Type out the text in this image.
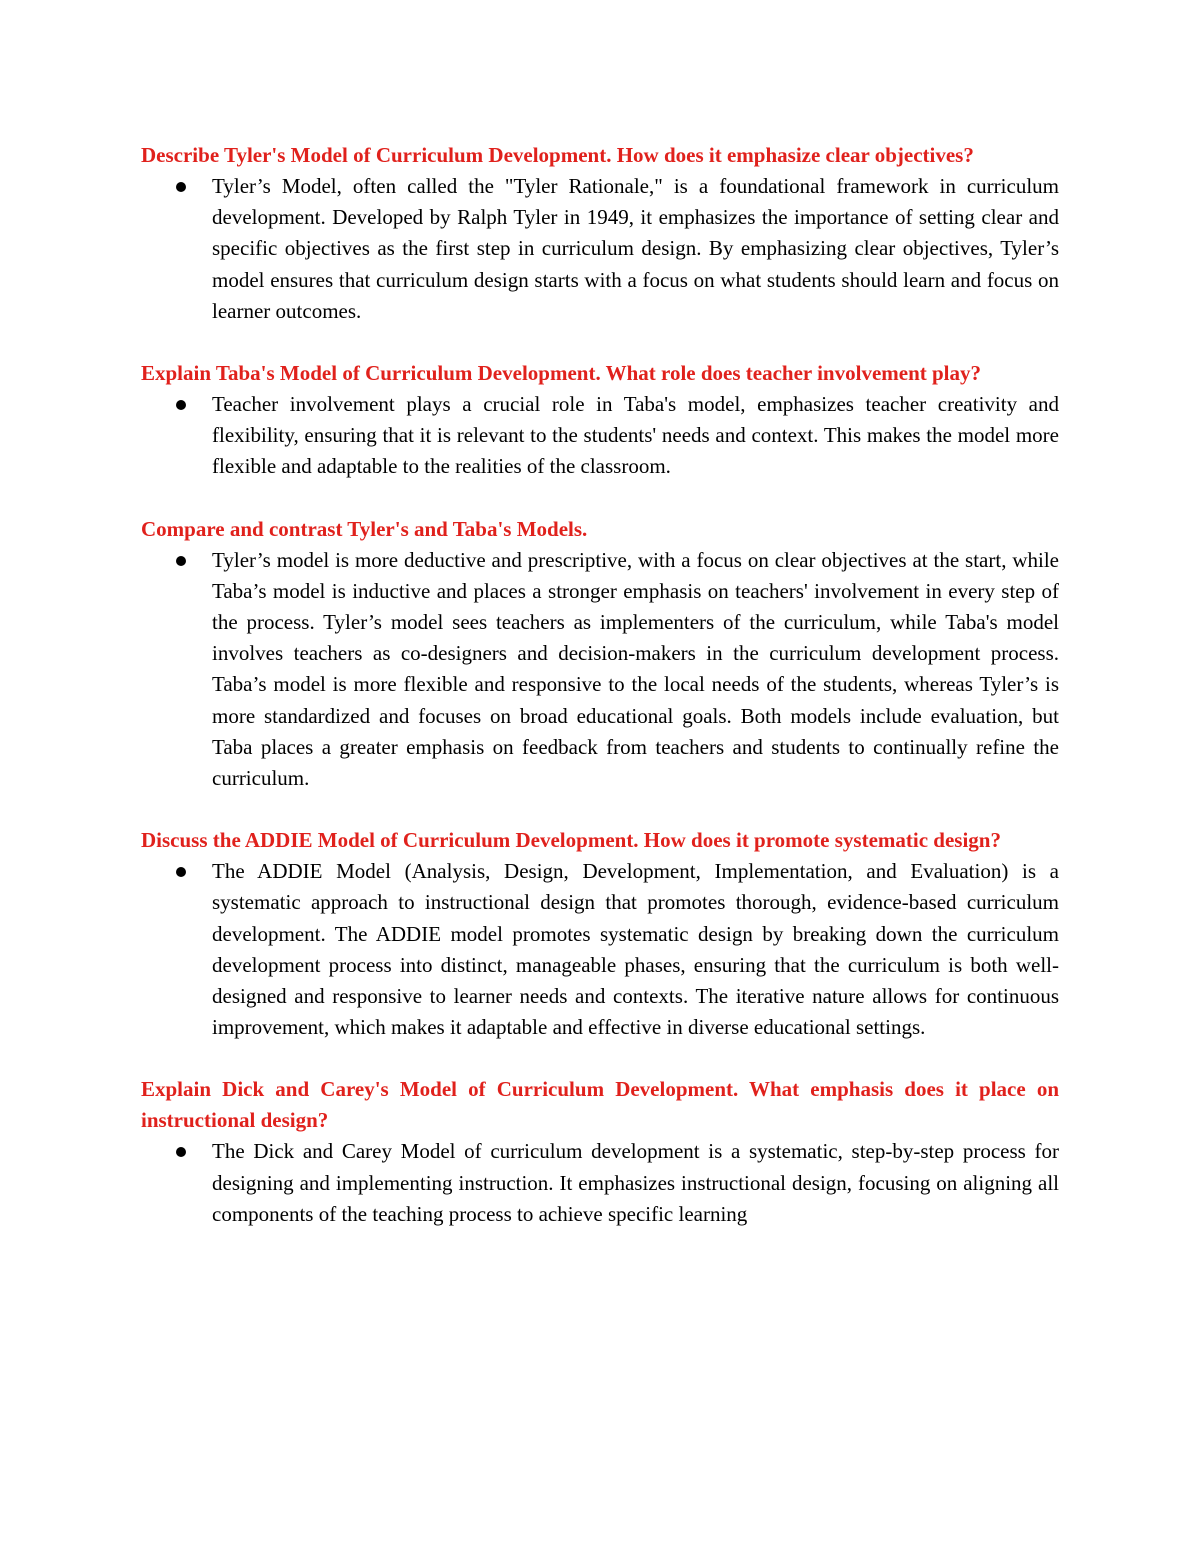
Describe Tyler's Model of Curriculum Development. How does it emphasize clear objectives?

Tyler’s Model, often called the "Tyler Rationale," is a foundational framework in curriculum development. Developed by Ralph Tyler in 1949, it emphasizes the importance of setting clear and specific objectives as the first step in curriculum design. By emphasizing clear objectives, Tyler’s model ensures that curriculum design starts with a focus on what students should learn and focus on learner outcomes.

Explain Taba's Model of Curriculum Development. What role does teacher involvement play?

Teacher involvement plays a crucial role in Taba's model, emphasizes teacher creativity and flexibility, ensuring that it is relevant to the students' needs and context. This makes the model more flexible and adaptable to the realities of the classroom.

Compare and contrast Tyler's and Taba's Models.

Tyler’s model is more deductive and prescriptive, with a focus on clear objectives at the start, while Taba’s model is inductive and places a stronger emphasis on teachers' involvement in every step of the process. Tyler’s model sees teachers as implementers of the curriculum, while Taba's model involves teachers as co-designers and decision-makers in the curriculum development process. Taba’s model is more flexible and responsive to the local needs of the students, whereas Tyler’s is more standardized and focuses on broad educational goals. Both models include evaluation, but Taba places a greater emphasis on feedback from teachers and students to continually refine the curriculum.

Discuss the ADDIE Model of Curriculum Development. How does it promote systematic design?

The ADDIE Model (Analysis, Design, Development, Implementation, and Evaluation) is a systematic approach to instructional design that promotes thorough, evidence-based curriculum development. The ADDIE model promotes systematic design by breaking down the curriculum development process into distinct, manageable phases, ensuring that the curriculum is both well-designed and responsive to learner needs and contexts. The iterative nature allows for continuous improvement, which makes it adaptable and effective in diverse educational settings.

Explain Dick and Carey's Model of Curriculum Development. What emphasis does it place on instructional design?

The Dick and Carey Model of curriculum development is a systematic, step-by-step process for designing and implementing instruction. It emphasizes instructional design, focusing on aligning all components of the teaching process to achieve specific learning
